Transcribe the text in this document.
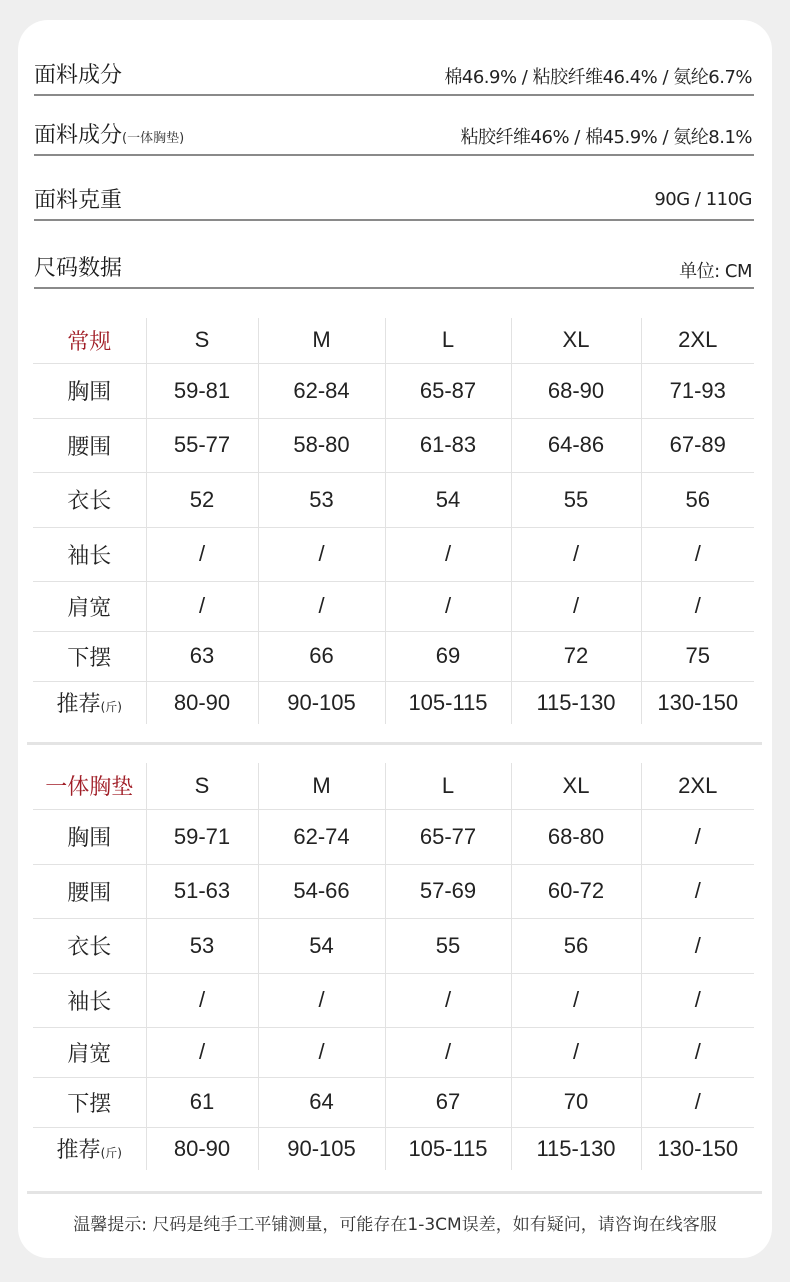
面料成分	棉46.9% / 粘胶纤维46.4% / 氨纶6.7%
面料成分(一体胸垫)	粘胶纤维46% / 棉45.9% / 氨纶8.1%
面料克重	90G / 110G
尺码数据	单位: CM
常规	S	M	L	XL	2XL
胸围	59-81	62-84	65-87	68-90	71-93
腰围	55-77	58-80	61-83	64-86	67-89
衣长	52	53	54	55	56
袖长	/	/	/	/	/
肩宽	/	/	/	/	/
下摆	63	66	69	72	75
推荐(斤)	80-90	90-105	105-115	115-130	130-150
一体胸垫	S	M	L	XL	2XL
胸围	59-71	62-74	65-77	68-80	/
腰围	51-63	54-66	57-69	60-72	/
衣长	53	54	55	56	/
袖长	/	/	/	/	/
肩宽	/	/	/	/	/
下摆	61	64	67	70	/
推荐(斤)	80-90	90-105	105-115	115-130	130-150
温馨提示: 尺码是纯手工平铺测量，可能存在1-3CM误差，如有疑问，请咨询在线客服
